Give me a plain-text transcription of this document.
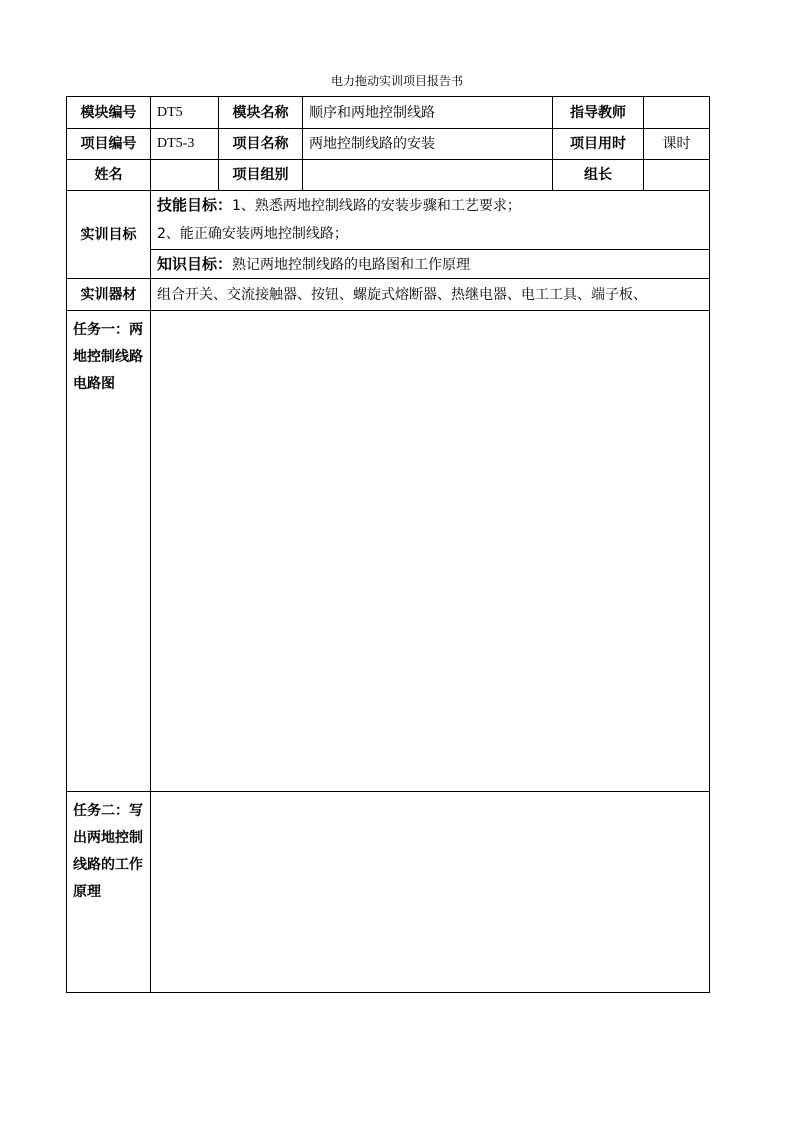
电力拖动实训项目报告书
模块编号	DT5	模块名称	顺序和两地控制线路	指导教师	
项目编号	DT5-3	项目名称	两地控制线路的安装	项目用时	课时
姓名		项目组别		组长	
实训目标	技能目标：1、熟悉两地控制线路的安装步骤和工艺要求；
2、能正确安装两地控制线路；				

	知识目标：熟记两地控制线路的电路图和工作原理				
实训器材	组合开关、交流接触器、按钮、螺旋式熔断器、热继电器、电工工具、端子板、				
任务一：两地控制线路电路图					
任务二：写出两地控制线路的工作原理					
